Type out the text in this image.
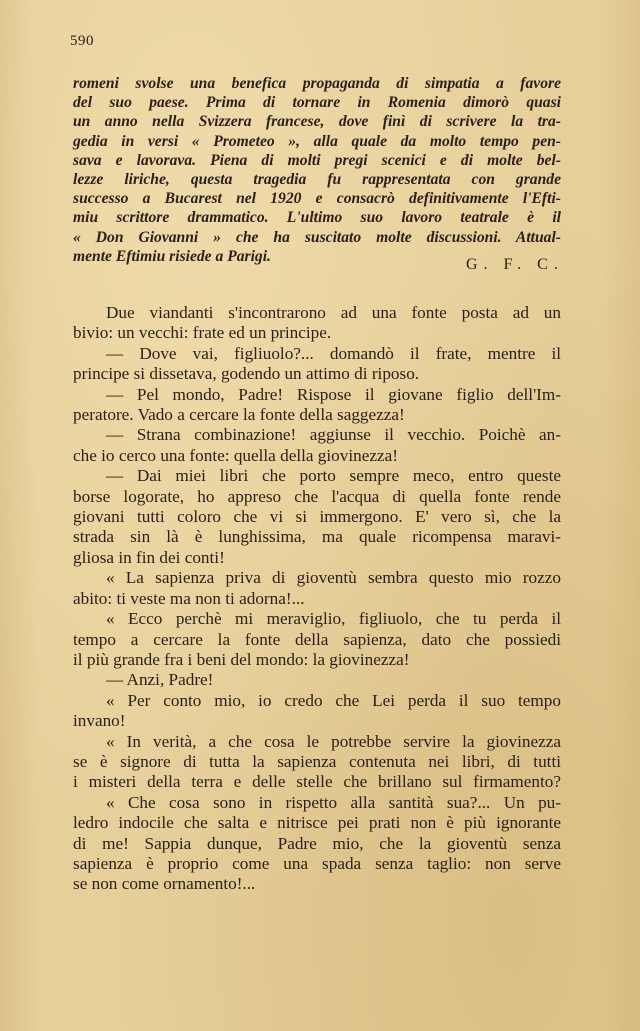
590
romeni svolse una benefica propaganda di simpatia a favore
del suo paese. Prima di tornare in Romenia dimorò quasi
un anno nella Svizzera francese, dove finì di scrivere la tra-
gedia in versi « Prometeo », alla quale da molto tempo pen-
sava e lavorava. Piena di molti pregi scenici e di molte bel-
lezze liriche, questa tragedia fu rappresentata con grande
successo a Bucarest nel 1920 e consacrò definitivamente l'Efti-
miu scrittore drammatico. L'ultimo suo lavoro teatrale è il
« Don Giovanni » che ha suscitato molte discussioni. Attual-
mente Eftimiu risiede a Parigi.	G. F. C.
Due viandanti s'incontrarono ad una fonte posta ad un
bivio: un vecchi: frate ed un principe.
— Dove vai, figliuolo?... domandò il frate, mentre il
principe si dissetava, godendo un attimo di riposo.
— Pel mondo, Padre! Rispose il giovane figlio dell'Im-
peratore. Vado a cercare la fonte della saggezza!
— Strana combinazione! aggiunse il vecchio. Poichè an-
che io cerco una fonte: quella della giovinezza!
— Dai miei libri che porto sempre meco, entro queste
borse logorate, ho appreso che l'acqua di quella fonte rende
giovani tutti coloro che vi si immergono. E' vero sì, che la
strada sin là è lunghissima, ma quale ricompensa maravi-
gliosa in fin dei conti!
« La sapienza priva di gioventù sembra questo mio rozzo
abito: ti veste ma non ti adorna!...
« Ecco perchè mi meraviglio, figliuolo, che tu perda il
tempo a cercare la fonte della sapienza, dato che possiedi
il più grande fra i beni del mondo: la giovinezza!
— Anzi, Padre!
« Per conto mio, io credo che Lei perda il suo tempo
invano!
« In verità, a che cosa le potrebbe servire la giovinezza
se è signore di tutta la sapienza contenuta nei libri, di tutti
i misteri della terra e delle stelle che brillano sul firmamento?
« Che cosa sono in rispetto alla santità sua?... Un pu-
ledro indocile che salta e nitrisce pei prati non è più ignorante
di me! Sappia dunque, Padre mio, che la gioventù senza
sapienza è proprio come una spada senza taglio: non serve
se non come ornamento!...
